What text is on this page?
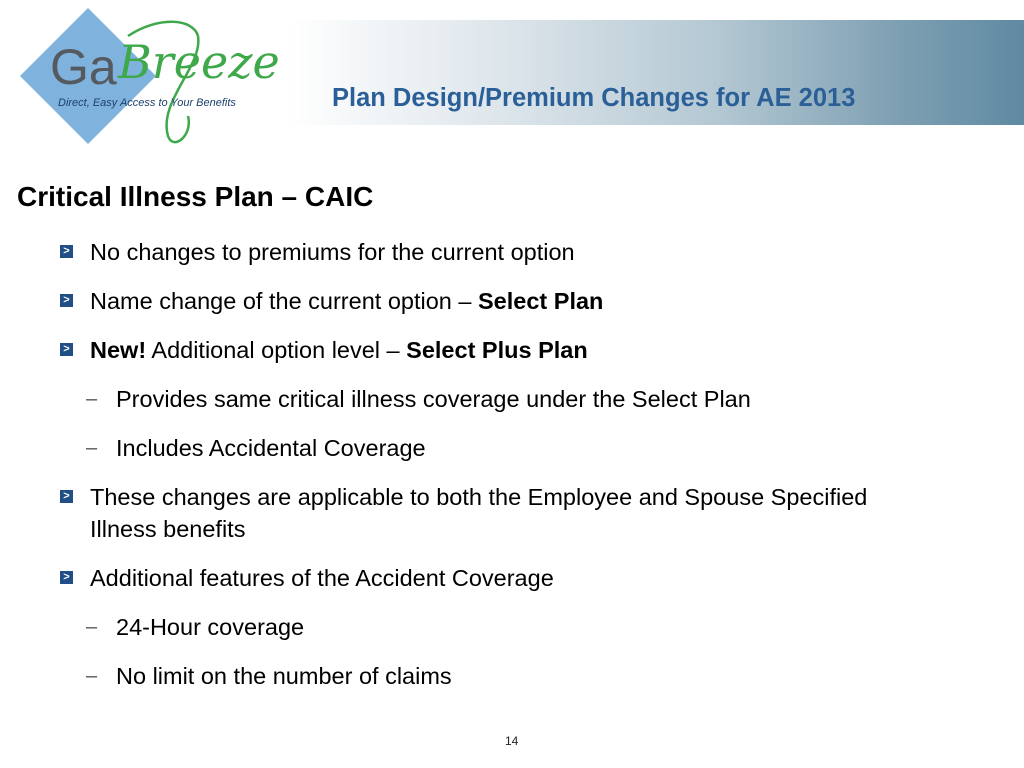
Ga Breeze
Direct, Easy Access to Your Benefits	Plan Design/Premium Changes for AE 2013
Critical Illness Plan – CAIC
> No changes to premiums for the current option
> Name change of the current option – Select Plan
> New! Additional option level – Select Plus Plan
– Provides same critical illness coverage under the Select Plan
– Includes Accidental Coverage
> These changes are applicable to both the Employee and Spouse Specified Illness benefits
> Additional features of the Accident Coverage
– 24-Hour coverage
– No limit on the number of claims
14
